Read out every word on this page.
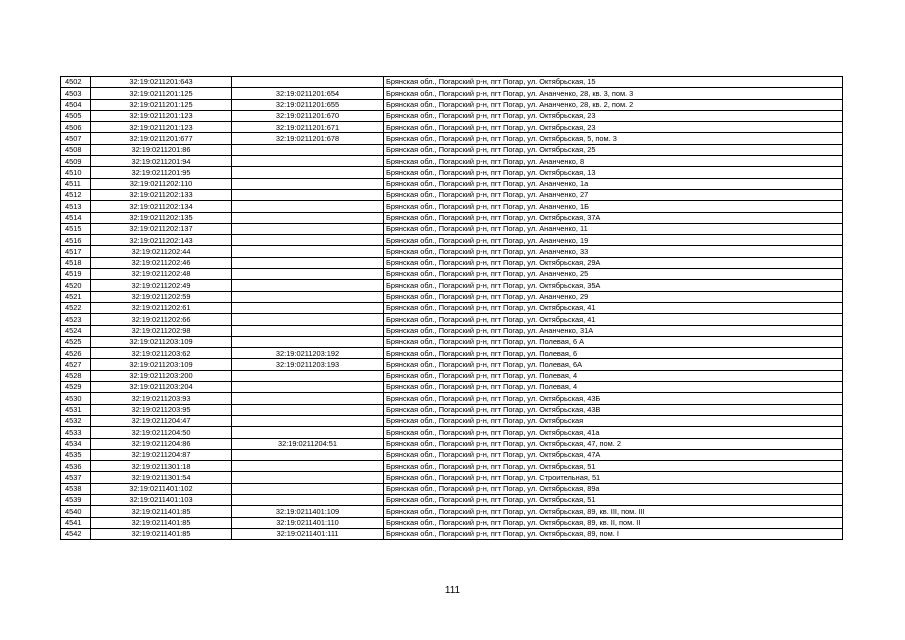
4502	32:19:0211201:643		Брянская обл., Погарский р-н, пгт Погар, ул. Октябрьская, 15
4503	32:19:0211201:125	32:19:0211201:654	Брянская обл., Погарский р-н, пгт Погар, ул. Ананченко, 28, кв. 3, пом. 3
4504	32:19:0211201:125	32:19:0211201:655	Брянская обл., Погарский р-н, пгт Погар, ул. Ананченко, 28, кв. 2, пом. 2
4505	32:19:0211201:123	32:19:0211201:670	Брянская обл., Погарский р-н, пгт Погар, ул. Октябрьская, 23
4506	32:19:0211201:123	32:19:0211201:671	Брянская обл., Погарский р-н, пгт Погар, ул. Октябрьская, 23
4507	32:19:0211201:677	32:19:0211201:678	Брянская обл., Погарский р-н, пгт Погар, ул. Октябрьская, 5, пом. 3
4508	32:19:0211201:86		Брянская обл., Погарский р-н, пгт Погар, ул. Октябрьская, 25
4509	32:19:0211201:94		Брянская обл., Погарский р-н, пгт Погар, ул. Ананченко, 8
4510	32:19:0211201:95		Брянская обл., Погарский р-н, пгт Погар, ул. Октябрьская, 13
4511	32:19:0211202:110		Брянская обл., Погарский р-н, пгт Погар, ул. Ананченко, 1а
4512	32:19:0211202:133		Брянская обл., Погарский р-н, пгт Погар, ул. Ананченко, 27
4513	32:19:0211202:134		Брянская обл., Погарский р-н, пгт Погар, ул. Ананченко, 1Б
4514	32:19:0211202:135		Брянская обл., Погарский р-н, пгт Погар, ул. Октябрьская, 37А
4515	32:19:0211202:137		Брянская обл., Погарский р-н, пгт Погар, ул. Ананченко, 11
4516	32:19:0211202:143		Брянская обл., Погарский р-н, пгт Погар, ул. Ананченко, 19
4517	32:19:0211202:44		Брянская обл., Погарский р-н, пгт Погар, ул. Ананченко, 33
4518	32:19:0211202:46		Брянская обл., Погарский р-н, пгт Погар, ул. Октябрьская, 29А
4519	32:19:0211202:48		Брянская обл., Погарский р-н, пгт Погар, ул. Ананченко, 25
4520	32:19:0211202:49		Брянская обл., Погарский р-н, пгт Погар, ул. Октябрьская, 35А
4521	32:19:0211202:59		Брянская обл., Погарский р-н, пгт Погар, ул. Ананченко, 29
4522	32:19:0211202:61		Брянская обл., Погарский р-н, пгт Погар, ул. Октябрьская, 41
4523	32:19:0211202:66		Брянская обл., Погарский р-н, пгт Погар, ул. Октябрьская, 41
4524	32:19:0211202:98		Брянская обл., Погарский р-н, пгт Погар, ул. Ананченко, 31А
4525	32:19:0211203:109		Брянская обл., Погарский р-н, пгт Погар, ул. Полевая, 6 А
4526	32:19:0211203:62	32:19:0211203:192	Брянская обл., Погарский р-н, пгт Погар, ул. Полевая, 6
4527	32:19:0211203:109	32:19:0211203:193	Брянская обл., Погарский р-н, пгт Погар, ул. Полевая, 6А
4528	32:19:0211203:200		Брянская обл., Погарский р-н, пгт Погар, ул. Полевая, 4
4529	32:19:0211203:204		Брянская обл., Погарский р-н, пгт Погар, ул. Полевая, 4
4530	32:19:0211203:93		Брянская обл., Погарский р-н, пгт Погар, ул. Октябрьская, 43Б
4531	32:19:0211203:95		Брянская обл., Погарский р-н, пгт Погар, ул. Октябрьская, 43В
4532	32:19:0211204:47		Брянская обл., Погарский р-н, пгт Погар, ул. Октябрьская
4533	32:19:0211204:50		Брянская обл., Погарский р-н, пгт Погар, ул. Октябрьская, 41а
4534	32:19:0211204:86	32:19:0211204:51	Брянская обл., Погарский р-н, пгт Погар, ул. Октябрьская, 47, пом. 2
4535	32:19:0211204:87		Брянская обл., Погарский р-н, пгт Погар, ул. Октябрьская, 47А
4536	32:19:0211301:18		Брянская обл., Погарский р-н, пгт Погар, ул. Октябрьская, 51
4537	32:19:0211301:54		Брянская обл., Погарский р-н, пгт Погар, ул. Строительная, 51
4538	32:19:0211401:102		Брянская обл., Погарский р-н, пгт Погар, ул. Октябрьская, 89а
4539	32:19:0211401:103		Брянская обл., Погарский р-н, пгт Погар, ул. Октябрьская, 51
4540	32:19:0211401:85	32:19:0211401:109	Брянская обл., Погарский р-н, пгт Погар, ул. Октябрьская, 89, кв. III, пом. III
4541	32:19:0211401:85	32:19:0211401:110	Брянская обл., Погарский р-н, пгт Погар, ул. Октябрьская, 89, кв. II, пом. II
4542	32:19:0211401:85	32:19:0211401:111	Брянская обл., Погарский р-н, пгт Погар, ул. Октябрьская, 89, пом. I
111
